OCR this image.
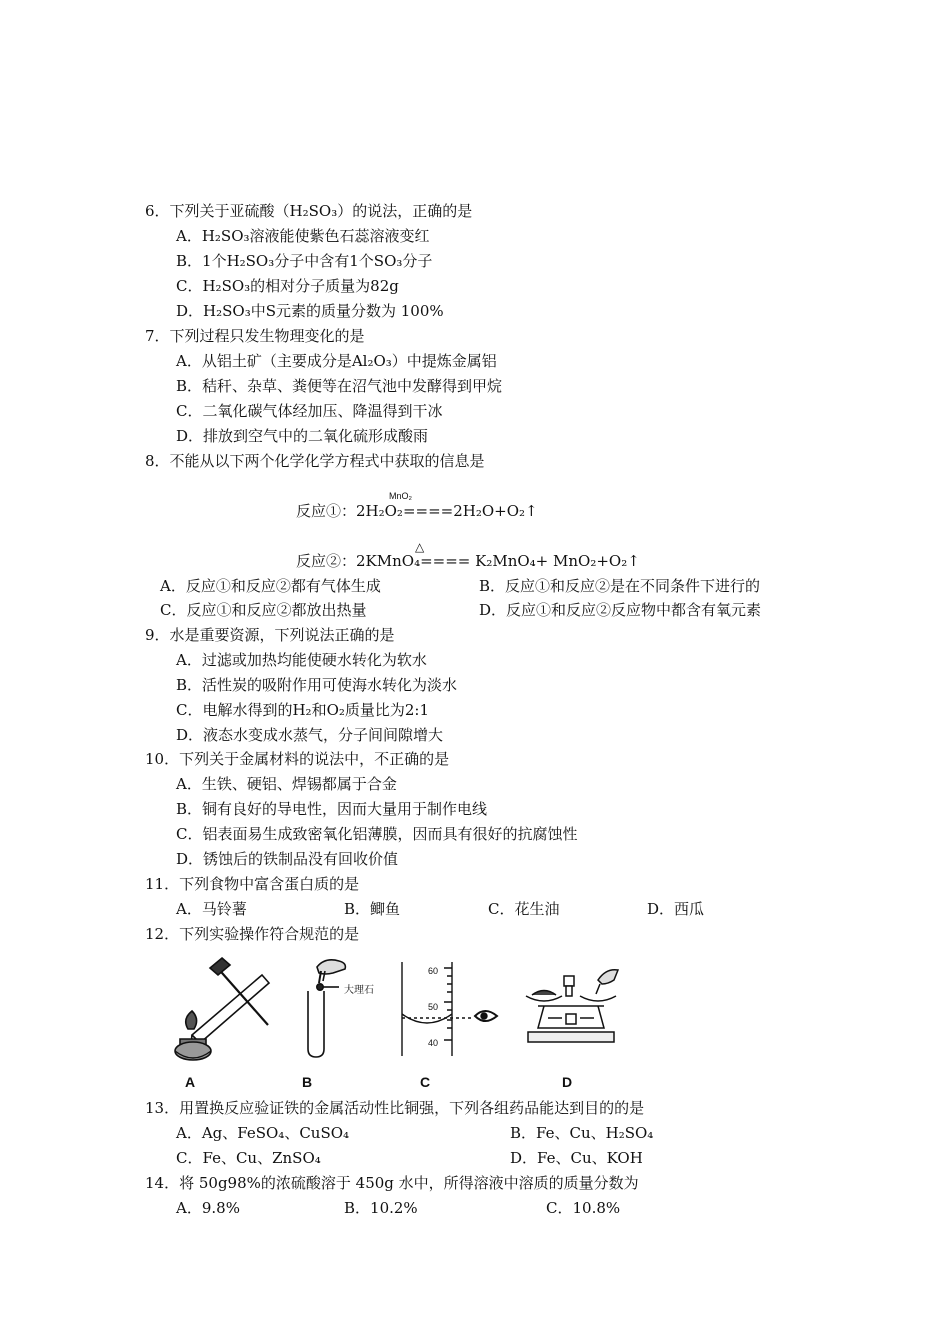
6．下列关于亚硫酸（H₂SO₃）的说法，正确的是
A．H₂SO₃溶液能使紫色石蕊溶液变红
B．1个H₂SO₃分子中含有1个SO₃分子
C．H₂SO₃的相对分子质量为82g
D．H₂SO₃中S元素的质量分数为 100%
7．下列过程只发生物理变化的是
A．从铝土矿（主要成分是Al₂O₃）中提炼金属铝
B．秸秆、杂草、粪便等在沼气池中发酵得到甲烷
C．二氧化碳气体经加压、降温得到干冰
D．排放到空气中的二氧化硫形成酸雨
8．不能从以下两个化学化学方程式中获取的信息是
MnO₂
反应①：2H₂O₂====2H₂O+O₂↑
△
反应②：2KMnO₄==== K₂MnO₄+ MnO₂+O₂↑
A．反应①和反应②都有气体生成	B．反应①和反应②是在不同条件下进行的
C．反应①和反应②都放出热量	D．反应①和反应②反应物中都含有氧元素
9．水是重要资源，下列说法正确的是
A．过滤或加热均能使硬水转化为软水
B．活性炭的吸附作用可使海水转化为淡水
C．电解水得到的H₂和O₂质量比为2:1
D．液态水变成水蒸气，分子间间隙增大
10．下列关于金属材料的说法中，不正确的是
A．生铁、硬铝、焊锡都属于合金
B．铜有良好的导电性，因而大量用于制作电线
C．铝表面易生成致密氧化铝薄膜，因而具有很好的抗腐蚀性
D．锈蚀后的铁制品没有回收价值
11．下列食物中富含蛋白质的是
A．马铃薯	B．鲫鱼	C．花生油	D．西瓜
12．下列实验操作符合规范的是
大理石
60
50
40
A	B	C	D
13．用置换反应验证铁的金属活动性比铜强，下列各组药品能达到目的的是
A．Ag、FeSO₄、CuSO₄	B．Fe、Cu、H₂SO₄
C．Fe、Cu、ZnSO₄	D．Fe、Cu、KOH
14．将 50g98%的浓硫酸溶于 450g 水中，所得溶液中溶质的质量分数为
A．9.8%	B．10.2%	C．10.8%
